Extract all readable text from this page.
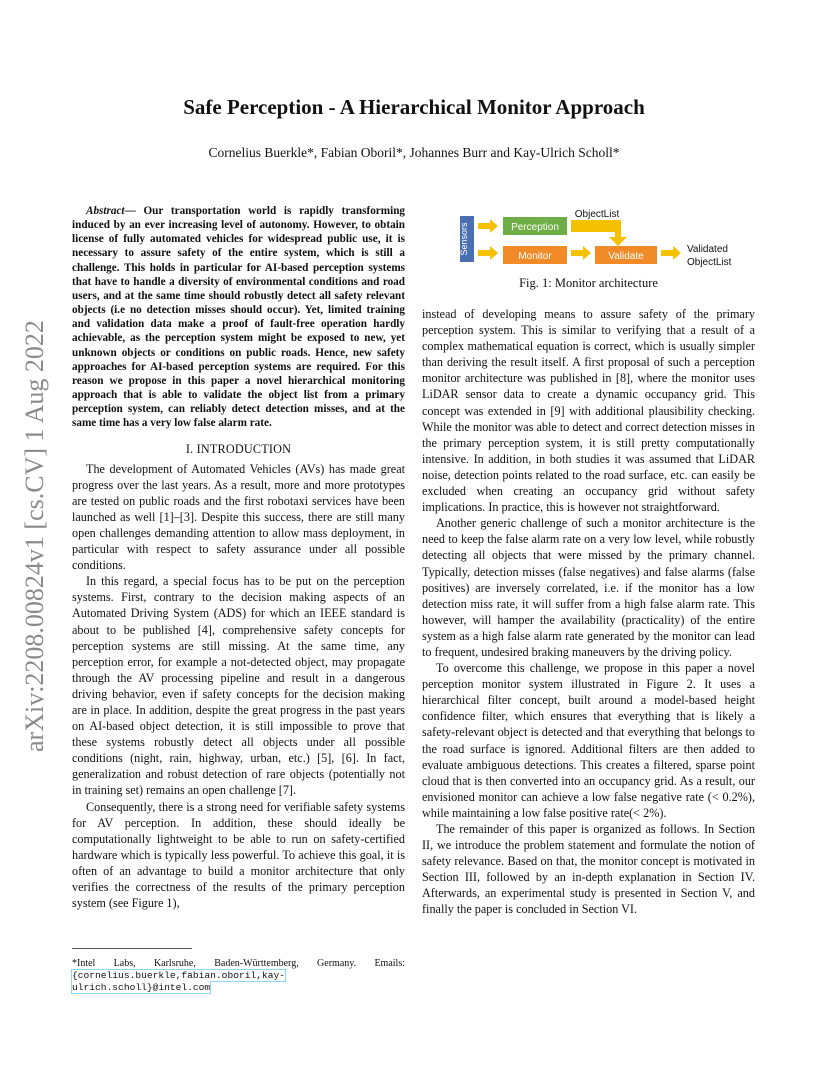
arXiv:2208.00824v1 [cs.CV] 1 Aug 2022
Safe Perception - A Hierarchical Monitor Approach
Cornelius Buerkle*, Fabian Oboril*, Johannes Burr and Kay-Ulrich Scholl*

Abstract— Our transportation world is rapidly transforming induced by an ever increasing level of autonomy. However, to obtain license of fully automated vehicles for widespread public use, it is necessary to assure safety of the entire system, which is still a challenge. This holds in particular for AI-based perception systems that have to handle a diversity of environmental conditions and road users, and at the same time should robustly detect all safety relevant objects (i.e no detection misses should occur). Yet, limited training and validation data make a proof of fault-free operation hardly achievable, as the perception system might be exposed to new, yet unknown objects or conditions on public roads. Hence, new safety approaches for AI-based perception systems are required. For this reason we propose in this paper a novel hierarchical monitoring approach that is able to validate the object list from a primary perception system, can reliably detect detection misses, and at the same time has a very low false alarm rate.

I. INTRODUCTION

The development of Automated Vehicles (AVs) has made great progress over the last years. As a result, more and more prototypes are tested on public roads and the first robotaxi services have been launched as well [1]–[3]. Despite this success, there are still many open challenges demanding attention to allow mass deployment, in particular with respect to safety assurance under all possible conditions.

In this regard, a special focus has to be put on the perception systems. First, contrary to the decision making aspects of an Automated Driving System (ADS) for which an IEEE standard is about to be published [4], comprehensive safety concepts for perception systems are still missing. At the same time, any perception error, for example a not-detected object, may propagate through the AV processing pipeline and result in a dangerous driving behavior, even if safety concepts for the decision making are in place. In addition, despite the great progress in the past years on AI-based object detection, it is still impossible to prove that these systems robustly detect all objects under all possible conditions (night, rain, highway, urban, etc.) [5], [6]. In fact, generalization and robust detection of rare objects (potentially not in training set) remains an open challenge [7].

Consequently, there is a strong need for verifiable safety systems for AV perception. In addition, these should ideally be computationally lightweight to be able to run on safety-certified hardware which is typically less powerful. To achieve this goal, it is often of an advantage to build a monitor architecture that only verifies the correctness of the results of the primary perception system (see Figure 1),

*Intel Labs, Karlsruhe, Baden-Württemberg, Germany. Emails: {cornelius.buerkle,fabian.oboril,kay-ulrich.scholl}@intel.com
Sensors	Perception
Monitor
ObjectList
Validate
Validated
ObjectList
Fig. 1: Monitor architecture

instead of developing means to assure safety of the primary perception system. This is similar to verifying that a result of a complex mathematical equation is correct, which is usually simpler than deriving the result itself. A first proposal of such a perception monitor architecture was published in [8], where the monitor uses LiDAR sensor data to create a dynamic occupancy grid. This concept was extended in [9] with additional plausibility checking. While the monitor was able to detect and correct detection misses in the primary perception system, it is still pretty computationally intensive. In addition, in both studies it was assumed that LiDAR noise, detection points related to the road surface, etc. can easily be excluded when creating an occupancy grid without safety implications. In practice, this is however not straightforward.

Another generic challenge of such a monitor architecture is the need to keep the false alarm rate on a very low level, while robustly detecting all objects that were missed by the primary channel. Typically, detection misses (false negatives) and false alarms (false positives) are inversely correlated, i.e. if the monitor has a low detection miss rate, it will suffer from a high false alarm rate. This however, will hamper the availability (practicality) of the entire system as a high false alarm rate generated by the monitor can lead to frequent, undesired braking maneuvers by the driving policy.

To overcome this challenge, we propose in this paper a novel perception monitor system illustrated in Figure 2. It uses a hierarchical filter concept, built around a model-based height confidence filter, which ensures that everything that is likely a safety-relevant object is detected and that everything that belongs to the road surface is ignored. Additional filters are then added to evaluate ambiguous detections. This creates a filtered, sparse point cloud that is then converted into an occupancy grid. As a result, our envisioned monitor can achieve a low false negative rate (< 0.2%), while maintaining a low false positive rate(< 2%).

The remainder of this paper is organized as follows. In Section II, we introduce the problem statement and formulate the notion of safety relevance. Based on that, the monitor concept is motivated in Section III, followed by an in-depth explanation in Section IV. Afterwards, an experimental study is presented in Section V, and finally the paper is concluded in Section VI.
